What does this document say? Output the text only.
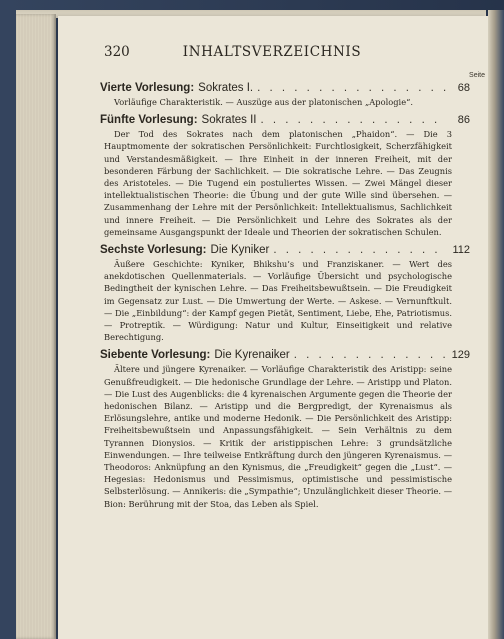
320	INHALTSVERZEICHNIS
Seite
Vierte Vorlesung: Sokrates I. . . .	68
Vorläufige Charakteristik. — Auszüge aus der platonischen „Apologie“.
Fünfte Vorlesung: Sokrates II . . .	86
Der Tod des Sokrates nach dem platonischen „Phaidon“. — Die 3 Hauptmomente der sokratischen Persönlichkeit: Furchtlosigkeit, Scherzfähigkeit und Verstandesmäßigkeit. — Ihre Einheit in der inneren Freiheit, mit der besonderen Färbung der Sachlichkeit. — Die sokratische Lehre. — Das Zeugnis des Aristoteles. — Die Tugend ein postuliertes Wissen. — Zwei Mängel dieser intellektualistischen Theorie: die Übung und der gute Wille sind übersehen. — Zusammenhang der Lehre mit der Persönlichkeit: Intellektualismus, Sachlichkeit und innere Freiheit. — Die Persönlichkeit und Lehre des Sokrates als der gemeinsame Ausgangspunkt der Ideale und Theorien der sokratischen Schulen.
Sechste Vorlesung: Die Kyniker . . .	112
Äußere Geschichte: Kyniker, Bhikshu’s und Franziskaner. — Wert des anekdotischen Quellenmaterials. — Vorläufige Übersicht und psychologische Bedingtheit der kynischen Lehre. — Das Freiheitsbewußtsein. — Die Freudigkeit im Gegensatz zur Lust. — Die Umwertung der Werte. — Askese. — Vernunftkult. — Die „Einbildung“: der Kampf gegen Pietät, Sentiment, Liebe, Ehe, Patriotismus. — Protreptik. — Würdigung: Natur und Kultur, Einseitigkeit und relative Berechtigung.
Siebente Vorlesung: Die Kyrenaiker . . .	129
Ältere und jüngere Kyrenaiker. — Vorläufige Charakteristik des Aristipp: seine Genußfreudigkeit. — Die hedonische Grundlage der Lehre. — Aristipp und Platon. — Die Lust des Augenblicks: die 4 kyrenaischen Argumente gegen die Theorie der hedonischen Bilanz. — Aristipp und die Bergpredigt, der Kyrenaismus als Erlösungslehre, antike und moderne Hedonik. — Die Persönlichkeit des Aristipp: Freiheitsbewußtsein und Anpassungsfähigkeit. — Sein Verhältnis zu dem Tyrannen Dionysios. — Kritik der aristippischen Lehre: 3 grundsätzliche Einwendungen. — Ihre teilweise Entkräftung durch den jüngeren Kyrenaismus. — Theodoros: Anknüpfung an den Kynismus, die „Freudigkeit“ gegen die „Lust“. — Hegesias: Hedonismus und Pessimismus, optimistische und pessimistische Selbsterlösung. — Annikeris: die „Sympathie“; Unzulänglichkeit dieser Theorie. — Bion: Berührung mit der Stoa, das Leben als Spiel.
